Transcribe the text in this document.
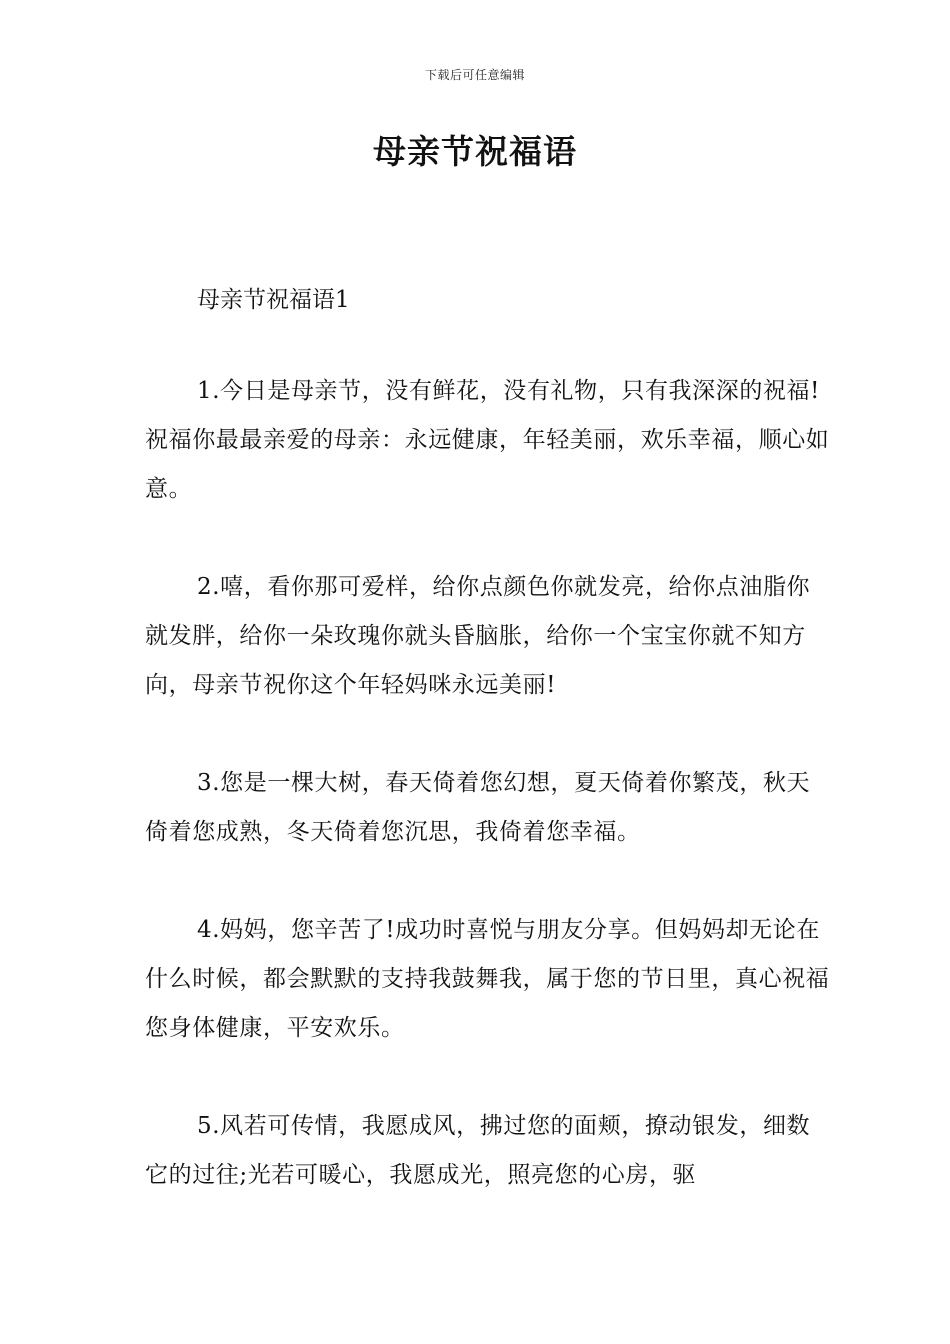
下载后可任意编辑
母亲节祝福语

母亲节祝福语1

1.今日是母亲节，没有鲜花，没有礼物，只有我深深的祝福!祝福你最最亲爱的母亲：永远健康，年轻美丽，欢乐幸福，顺心如意。

2.嘻，看你那可爱样，给你点颜色你就发亮，给你点油脂你就发胖，给你一朵玫瑰你就头昏脑胀，给你一个宝宝你就不知方向，母亲节祝你这个年轻妈咪永远美丽!

3.您是一棵大树，春天倚着您幻想，夏天倚着你繁茂，秋天倚着您成熟，冬天倚着您沉思，我倚着您幸福。

4.妈妈，您辛苦了!成功时喜悦与朋友分享。但妈妈却无论在什么时候，都会默默的支持我鼓舞我，属于您的节日里，真心祝福您身体健康，平安欢乐。

5.风若可传情，我愿成风，拂过您的面颊，撩动银发，细数它的过往;光若可暖心，我愿成光，照亮您的心房，驱
